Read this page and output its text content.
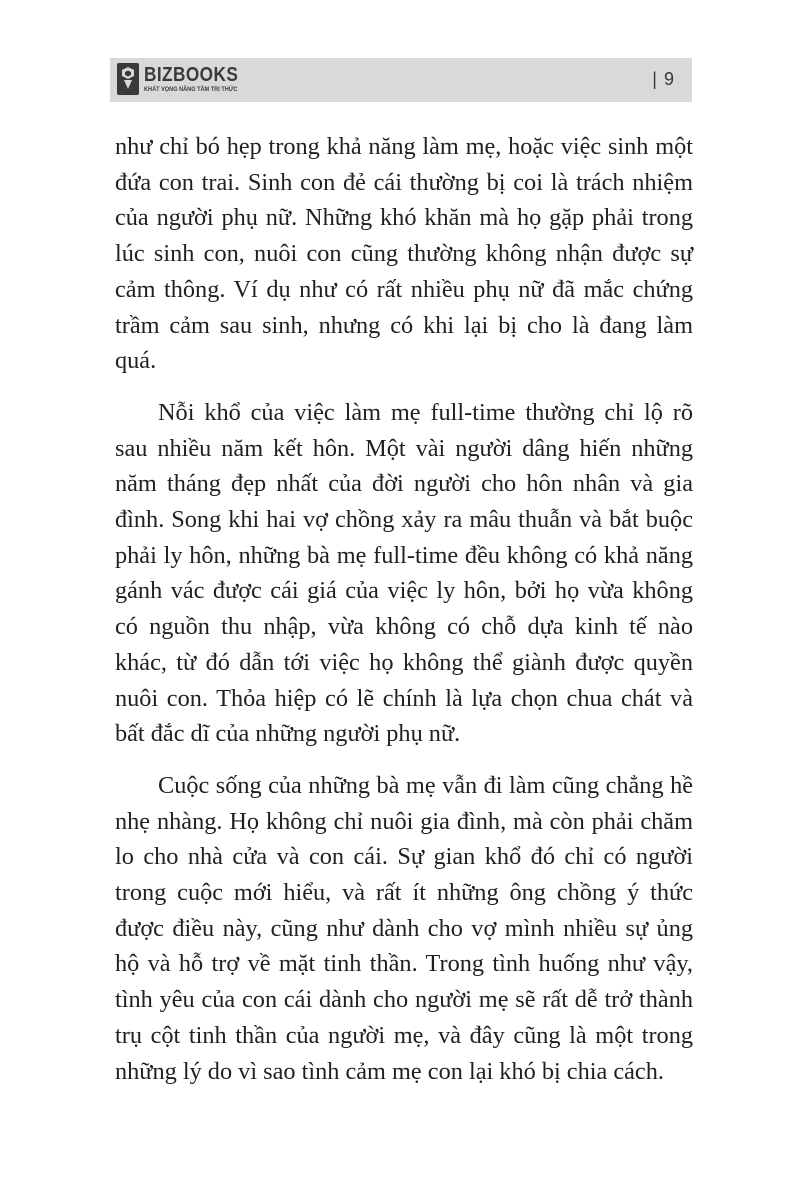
BIZBOOKS
KHÁT VỌNG NÂNG TẦM TRI THỨC
| 9

như chỉ bó hẹp trong khả năng làm mẹ, hoặc việc sinh một đứa con trai. Sinh con đẻ cái thường bị coi là trách nhiệm của người phụ nữ. Những khó khăn mà họ gặp phải trong lúc sinh con, nuôi con cũng thường không nhận được sự cảm thông. Ví dụ như có rất nhiều phụ nữ đã mắc chứng trầm cảm sau sinh, nhưng có khi lại bị cho là đang làm quá.

Nỗi khổ của việc làm mẹ full-time thường chỉ lộ rõ sau nhiều năm kết hôn. Một vài người dâng hiến những năm tháng đẹp nhất của đời người cho hôn nhân và gia đình. Song khi hai vợ chồng xảy ra mâu thuẫn và bắt buộc phải ly hôn, những bà mẹ full-time đều không có khả năng gánh vác được cái giá của việc ly hôn, bởi họ vừa không có nguồn thu nhập, vừa không có chỗ dựa kinh tế nào khác, từ đó dẫn tới việc họ không thể giành được quyền nuôi con. Thỏa hiệp có lẽ chính là lựa chọn chua chát và bất đắc dĩ của những người phụ nữ.

Cuộc sống của những bà mẹ vẫn đi làm cũng chẳng hề nhẹ nhàng. Họ không chỉ nuôi gia đình, mà còn phải chăm lo cho nhà cửa và con cái. Sự gian khổ đó chỉ có người trong cuộc mới hiểu, và rất ít những ông chồng ý thức được điều này, cũng như dành cho vợ mình nhiều sự ủng hộ và hỗ trợ về mặt tinh thần. Trong tình huống như vậy, tình yêu của con cái dành cho người mẹ sẽ rất dễ trở thành trụ cột tinh thần của người mẹ, và đây cũng là một trong những lý do vì sao tình cảm mẹ con lại khó bị chia cách.
